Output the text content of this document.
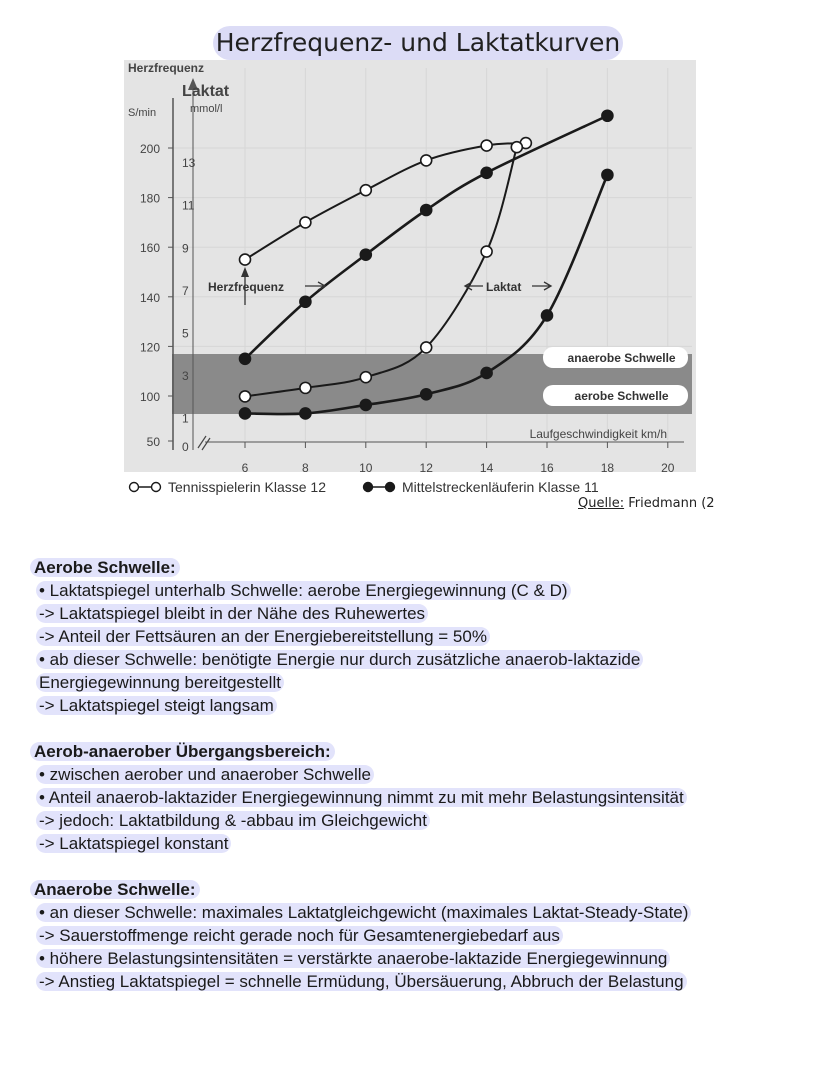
Herzfrequenz- und Laktatkurven
anaerobe Schwelle
aerobe Schwelle
Herzfrequenz
Laktat
S/min	mmol/l
50
100
120
140
160
180
200
0
1
3
5
7
9
11
13
6	8	10	12	14	16	18	20
Laufgeschwindigkeit km/h
Herzfrequenz	Laktat
Tennisspielerin Klasse 12	Mittelstreckenläuferin Klasse 11
Quelle: Friedmann (2
Aerobe Schwelle:
• Laktatspiegel unterhalb Schwelle: aerobe Energiegewinnung (C & D)
-> Laktatspiegel bleibt in der Nähe des Ruhewertes
-> Anteil der Fettsäuren an der Energiebereitstellung = 50%
• ab dieser Schwelle: benötigte Energie nur durch zusätzliche anaerob-laktazide
Energiegewinnung bereitgestellt
-> Laktatspiegel steigt langsam
Aerob-anaerober Übergangsbereich:
• zwischen aerober und anaerober Schwelle
• Anteil anaerob-laktazider Energiegewinnung nimmt zu mit mehr Belastungsintensität
-> jedoch: Laktatbildung & -abbau im Gleichgewicht
-> Laktatspiegel konstant
Anaerobe Schwelle:
• an dieser Schwelle: maximales Laktatgleichgewicht (maximales Laktat-Steady-State)
-> Sauerstoffmenge reicht gerade noch für Gesamtenergiebedarf aus
• höhere Belastungsintensitäten = verstärkte anaerobe-laktazide Energiegewinnung
-> Anstieg Laktatspiegel = schnelle Ermüdung, Übersäuerung, Abbruch der Belastung
